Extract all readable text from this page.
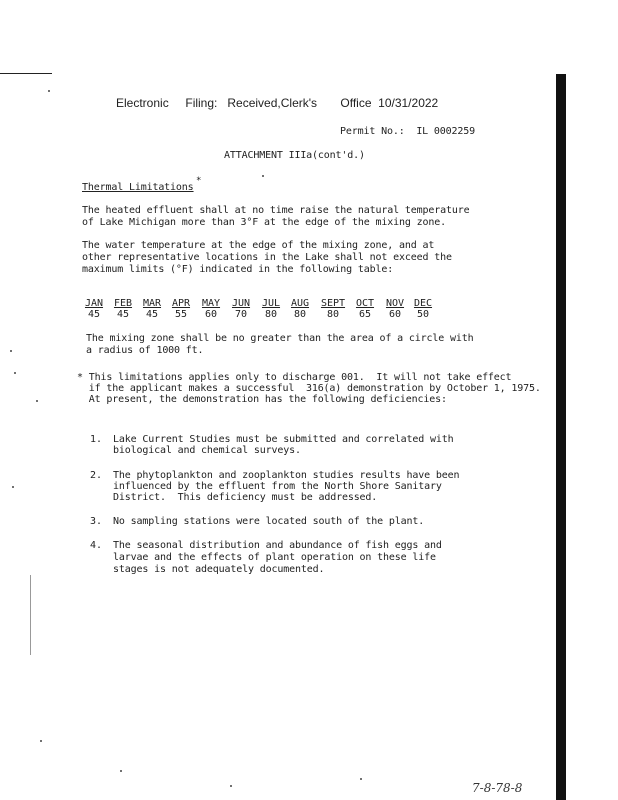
Electronic     Filing:   Received,Clerk's       Office  10/31/2022
Permit No.:  IL 0002259
ATTACHMENT IIIa(cont'd.)
Thermal Limitations
*
The heated effluent shall at no time raise the natural temperature
of Lake Michigan more than 3°F at the edge of the mixing zone.
The water temperature at the edge of the mixing zone, and at
other representative locations in the Lake shall not exceed the
maximum limits (°F) indicated in the following table:
JAN
45
FEB
45
MAR
45
APR
55
MAY
60
JUN
70
JUL
80
AUG
80
SEPT
80
OCT
65
NOV
60
DEC
50
The mixing zone shall be no greater than the area of a circle with
a radius of 1000 ft.
* This limitations applies only to discharge 001.  It will not take effect
if the applicant makes a successful  316(a) demonstration by October 1, 1975.
At present, the demonstration has the following deficiencies:
1. Lake Current Studies must be submitted and correlated with
biological and chemical surveys.
2. The phytoplankton and zooplankton studies results have been
influenced by the effluent from the North Shore Sanitary
District.  This deficiency must be addressed.
3. No sampling stations were located south of the plant.
4. The seasonal distribution and abundance of fish eggs and
larvae and the effects of plant operation on these life
stages is not adequately documented.
7-8-78-8
